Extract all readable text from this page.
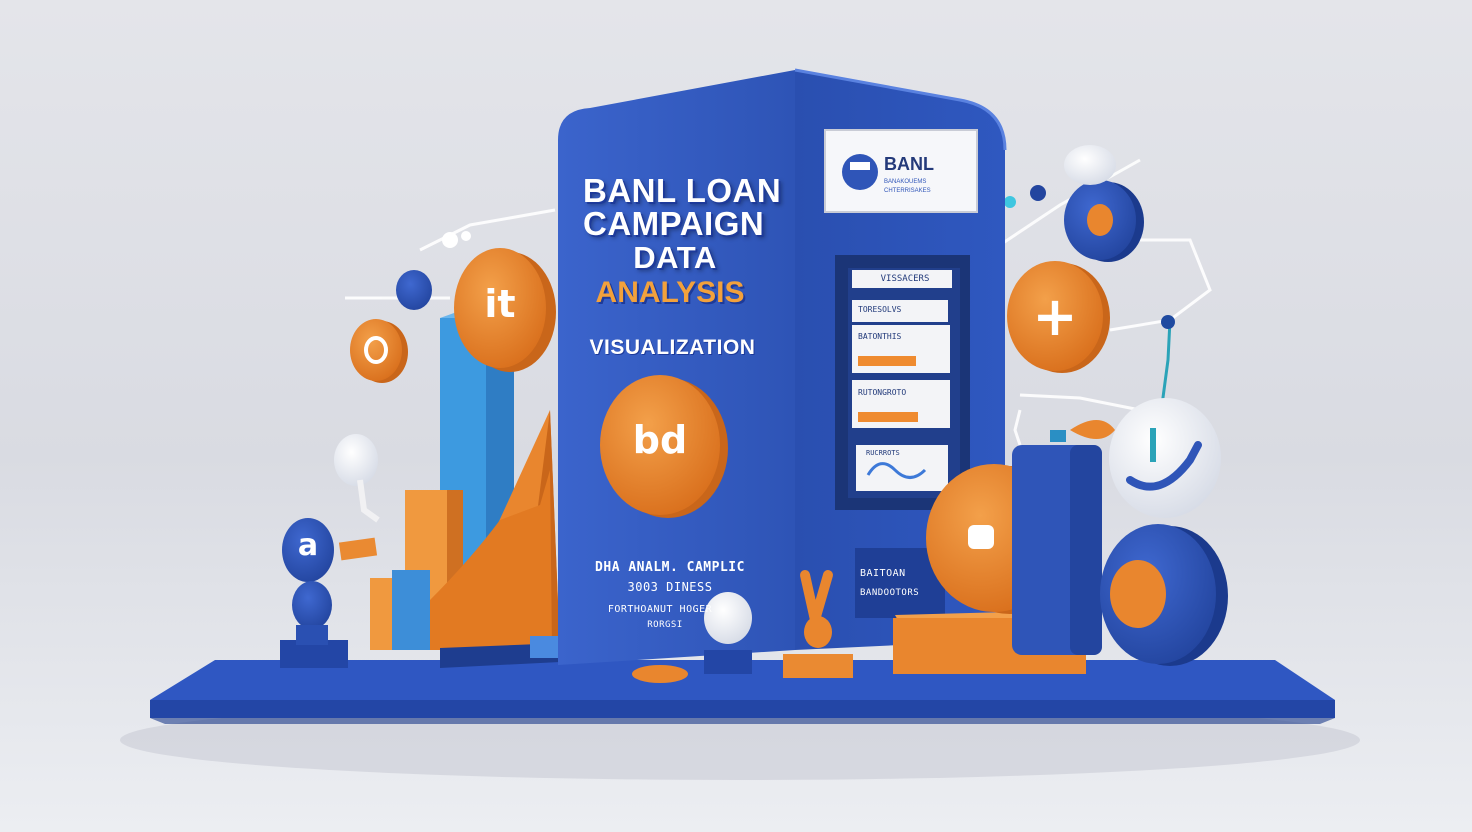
BANL LOAN
CAMPAIGN
DATA
ANALYSIS
VISUALIZATION
bd
DHA ANALM. CAMPLIC
3003 DINESS
FORTHOANUT HOGER
RORGSI
BANL
BANAKOUEMS CHTERRISAKES
VISSACERS
TORESOLVS
BATONTHIS
RUTONGROTO
RUCRROTS
BAITOAN
BANDOOTORS
it	+
a
